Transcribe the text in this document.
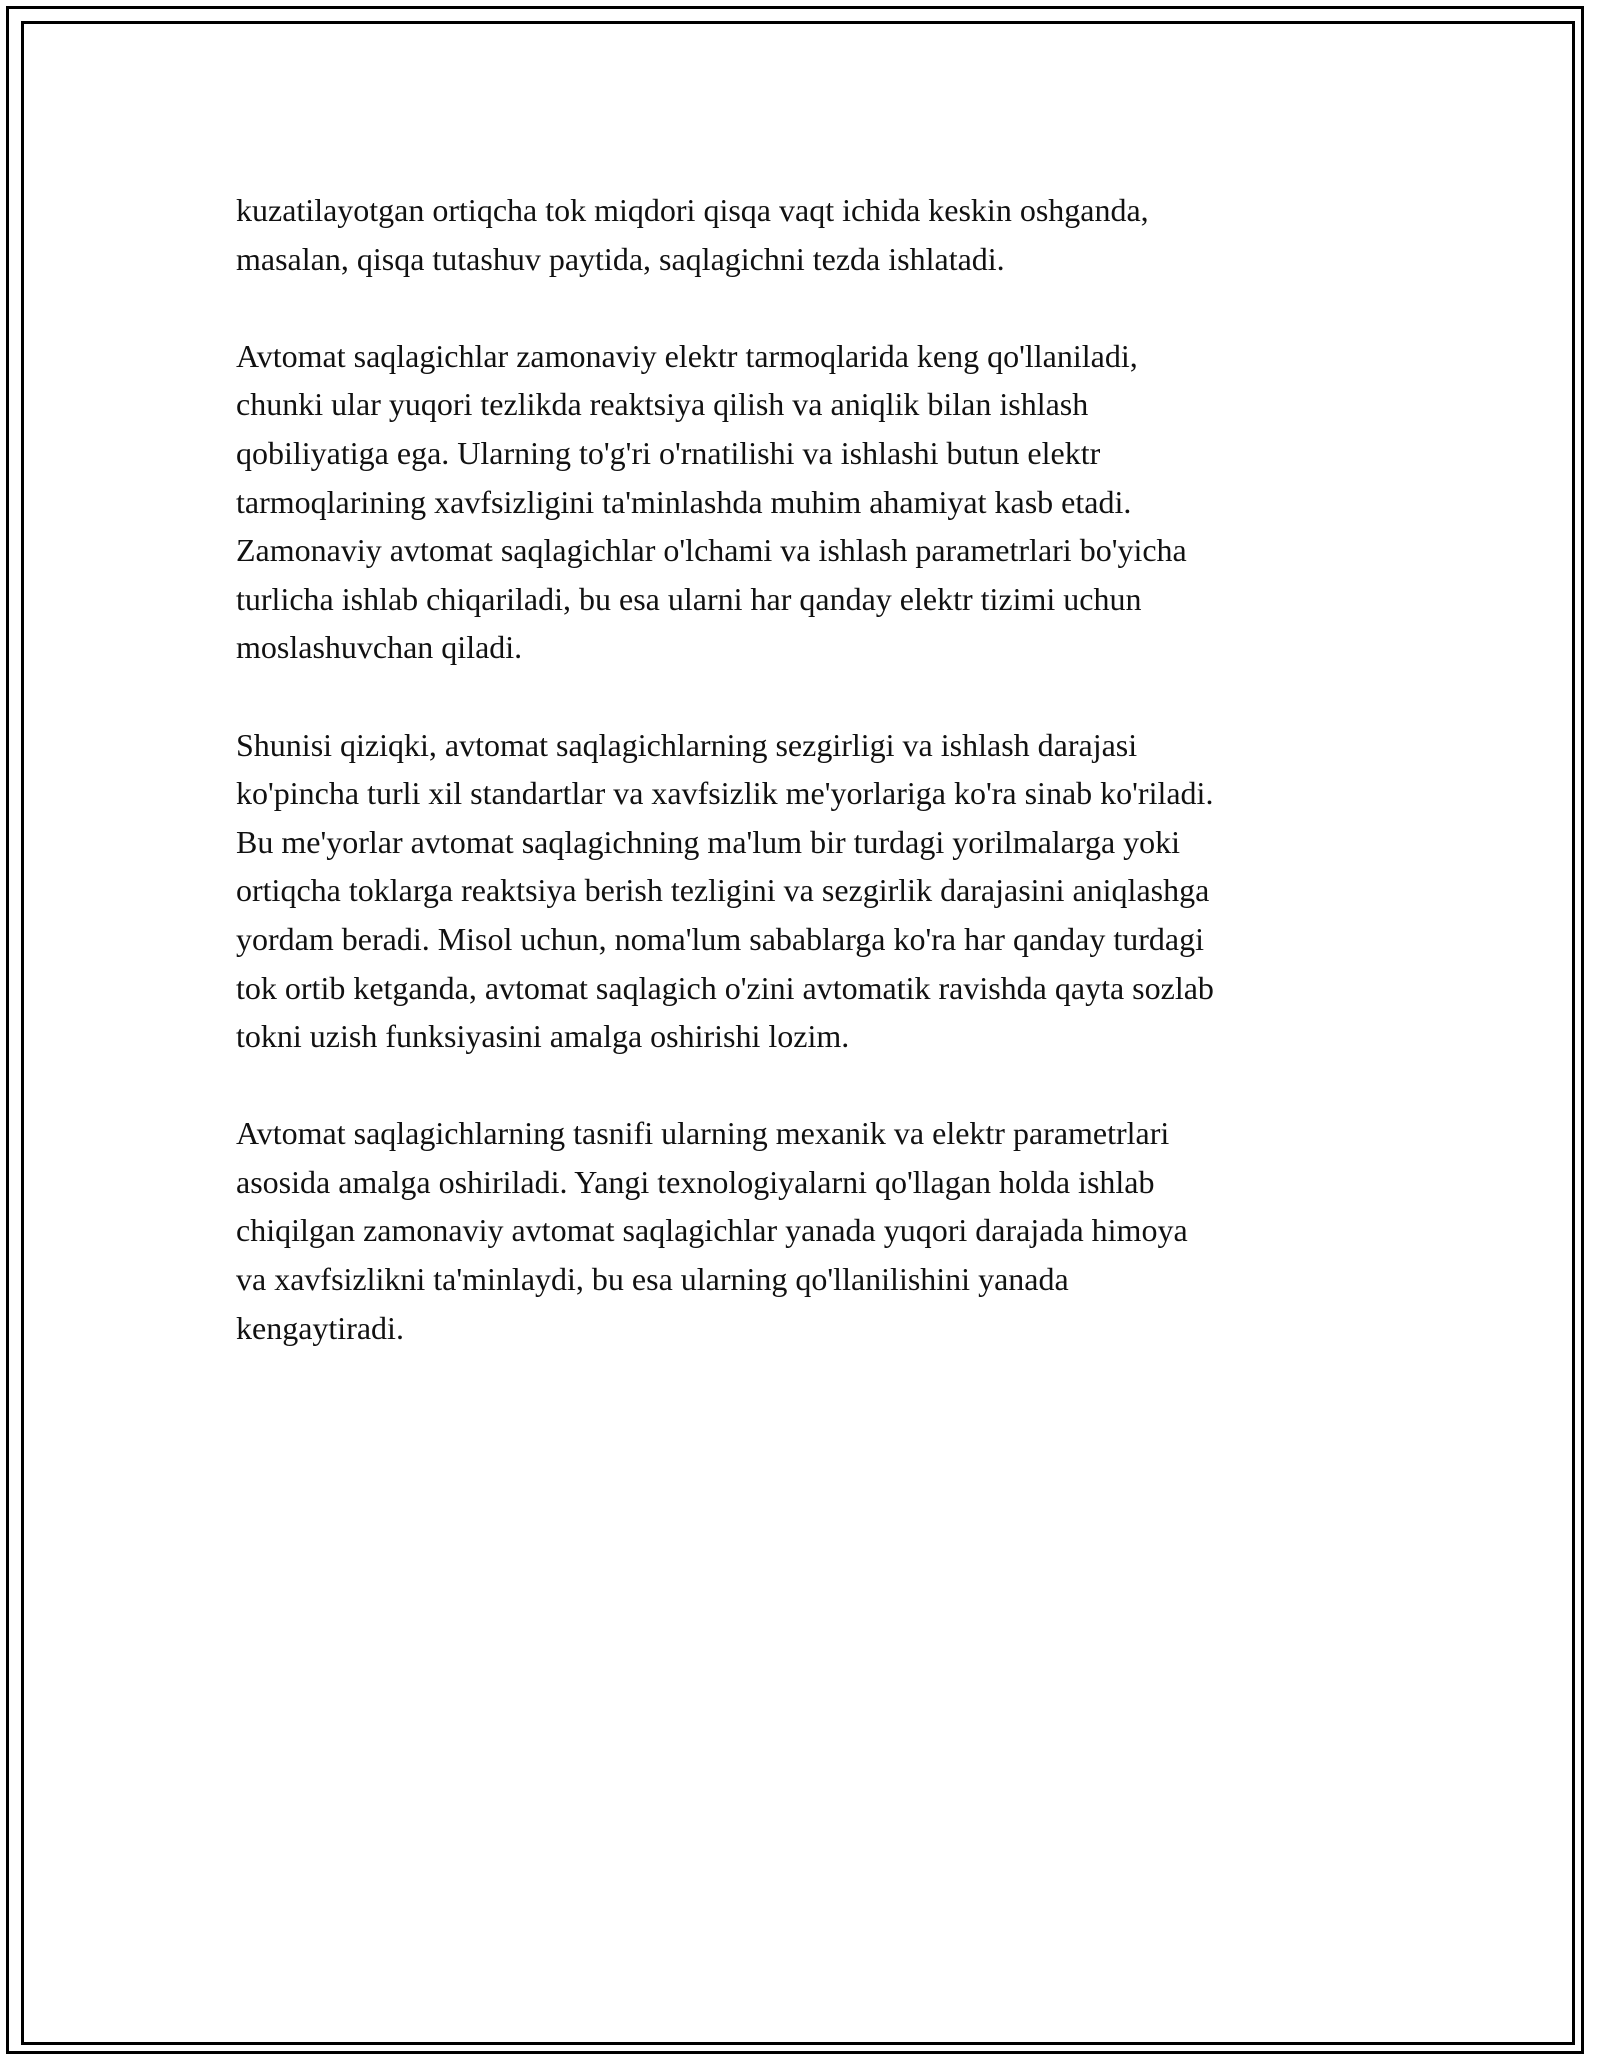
kuzatilayotgan ortiqcha tok miqdori qisqa vaqt ichida keskin oshganda,
masalan, qisqa tutashuv paytida, saqlagichni tezda ishlatadi.

Avtomat saqlagichlar zamonaviy elektr tarmoqlarida keng qo'llaniladi,
chunki ular yuqori tezlikda reaktsiya qilish va aniqlik bilan ishlash
qobiliyatiga ega. Ularning to'g'ri o'rnatilishi va ishlashi butun elektr
tarmoqlarining xavfsizligini ta'minlashda muhim ahamiyat kasb etadi.
Zamonaviy avtomat saqlagichlar o'lchami va ishlash parametrlari bo'yicha
turlicha ishlab chiqariladi, bu esa ularni har qanday elektr tizimi uchun
moslashuvchan qiladi.

Shunisi qiziqki, avtomat saqlagichlarning sezgirligi va ishlash darajasi
ko'pincha turli xil standartlar va xavfsizlik me'yorlariga ko'ra sinab ko'riladi.
Bu me'yorlar avtomat saqlagichning ma'lum bir turdagi yorilmalarga yoki
ortiqcha toklarga reaktsiya berish tezligini va sezgirlik darajasini aniqlashga
yordam beradi. Misol uchun, noma'lum sabablarga ko'ra har qanday turdagi
tok ortib ketganda, avtomat saqlagich o'zini avtomatik ravishda qayta sozlab
tokni uzish funksiyasini amalga oshirishi lozim.

Avtomat saqlagichlarning tasnifi ularning mexanik va elektr parametrlari
asosida amalga oshiriladi. Yangi texnologiyalarni qo'llagan holda ishlab
chiqilgan zamonaviy avtomat saqlagichlar yanada yuqori darajada himoya
va xavfsizlikni ta'minlaydi, bu esa ularning qo'llanilishini yanada
kengaytiradi.
